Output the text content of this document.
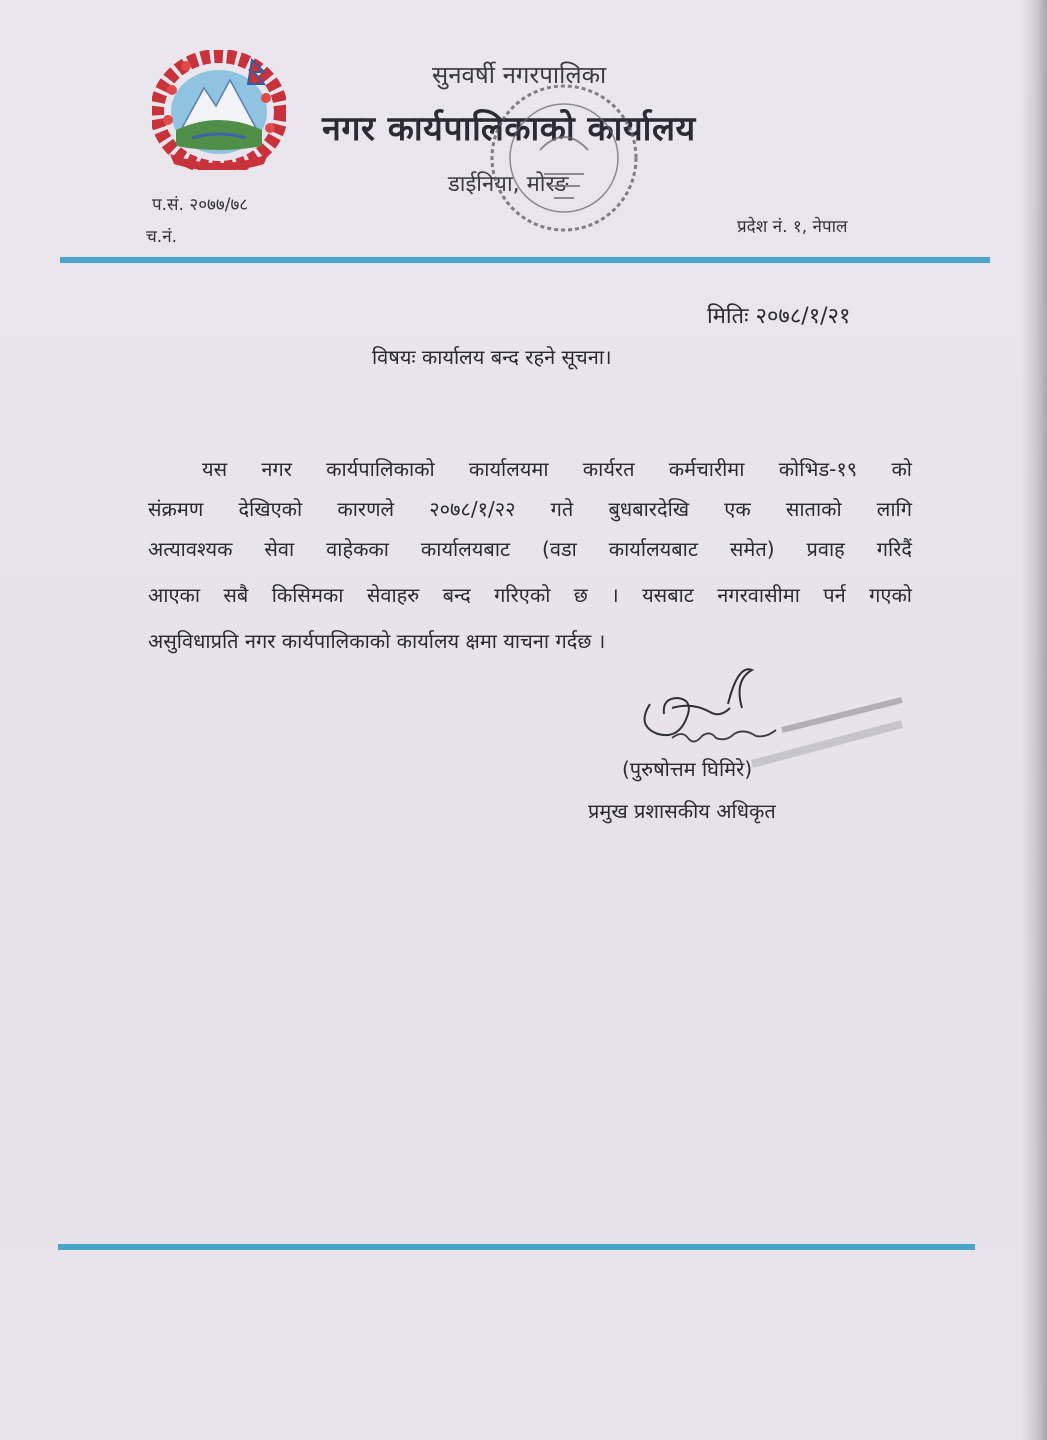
सुनवर्षी नगरपालिका
नगर कार्यपालिकाको कार्यालय
डाईनिया, मोरङ
प.सं. २०७७/७८
च.नं.	प्रदेश नं. १, नेपाल
मितिः २०७८/१/२१
विषयः कार्यालय बन्द रहने सूचना।
यस नगर कार्यपालिकाको कार्यालयमा कार्यरत कर्मचारीमा कोभिड-१९ को
संक्रमण देखिएको कारणले २०७८/१/२२ गते बुधबारदेखि एक साताको लागि
अत्यावश्यक सेवा वाहेकका कार्यालयबाट (वडा कार्यालयबाट समेत) प्रवाह गरिदैं
आएका सबै किसिमका सेवाहरु बन्द गरिएको छ । यसबाट नगरवासीमा पर्न गएको
असुविधाप्रति नगर कार्यपालिकाको कार्यालय क्षमा याचना गर्दछ ।
(पुरुषोत्तम घिमिरे)
प्रमुख प्रशासकीय अधिकृत
